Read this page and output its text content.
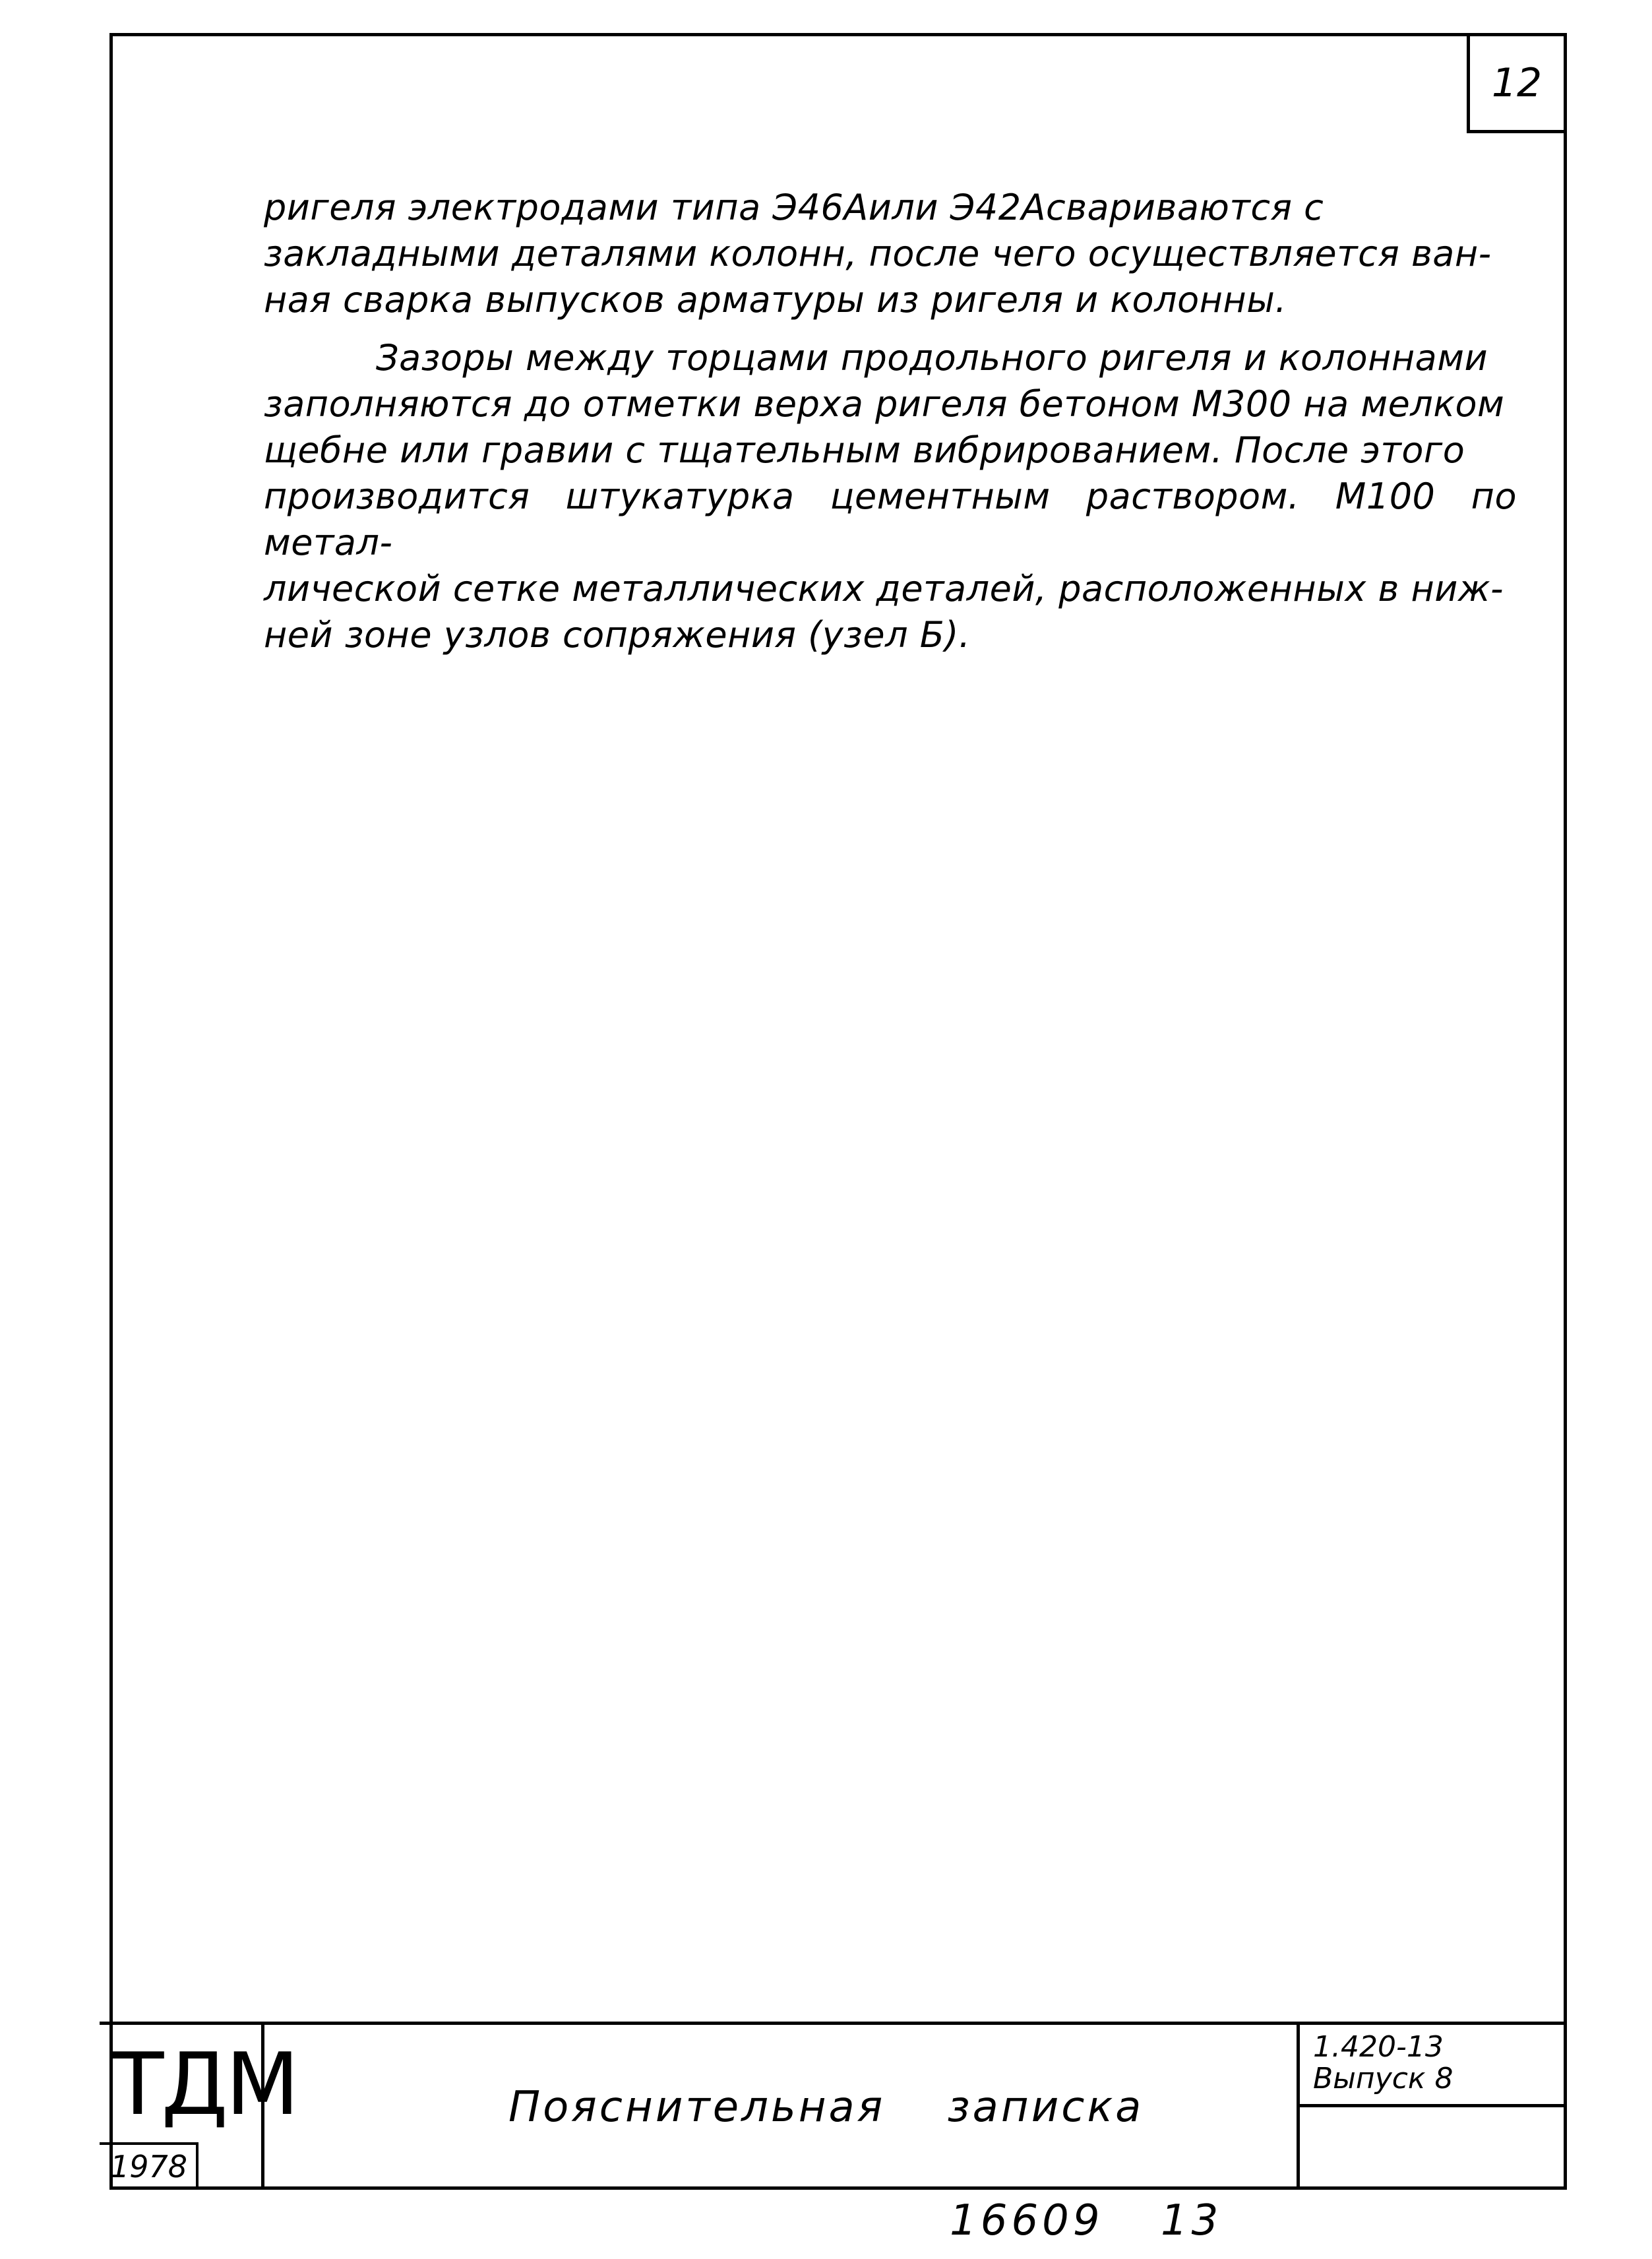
12

ригеля электродами типа Э46Аили Э42Асвариваются с
закладными деталями колонн, после чего осуществляется ван-
ная сварка выпусков арматуры из ригеля и колонны.

Зазоры между торцами продольного ригеля и колоннами
заполняются до отметки верха ригеля бетоном М300 на мелком
щебне или гравии с тщательным вибрированием. После этого
производится штукатурка цементным раствором. М100 по метал-
лической сетке металлических деталей, расположенных в ниж-
ней зоне узлов сопряжения (узел Б).

ТДМ
1978
Пояснительная записка
1.420-13
Выпуск 8
16609 13
